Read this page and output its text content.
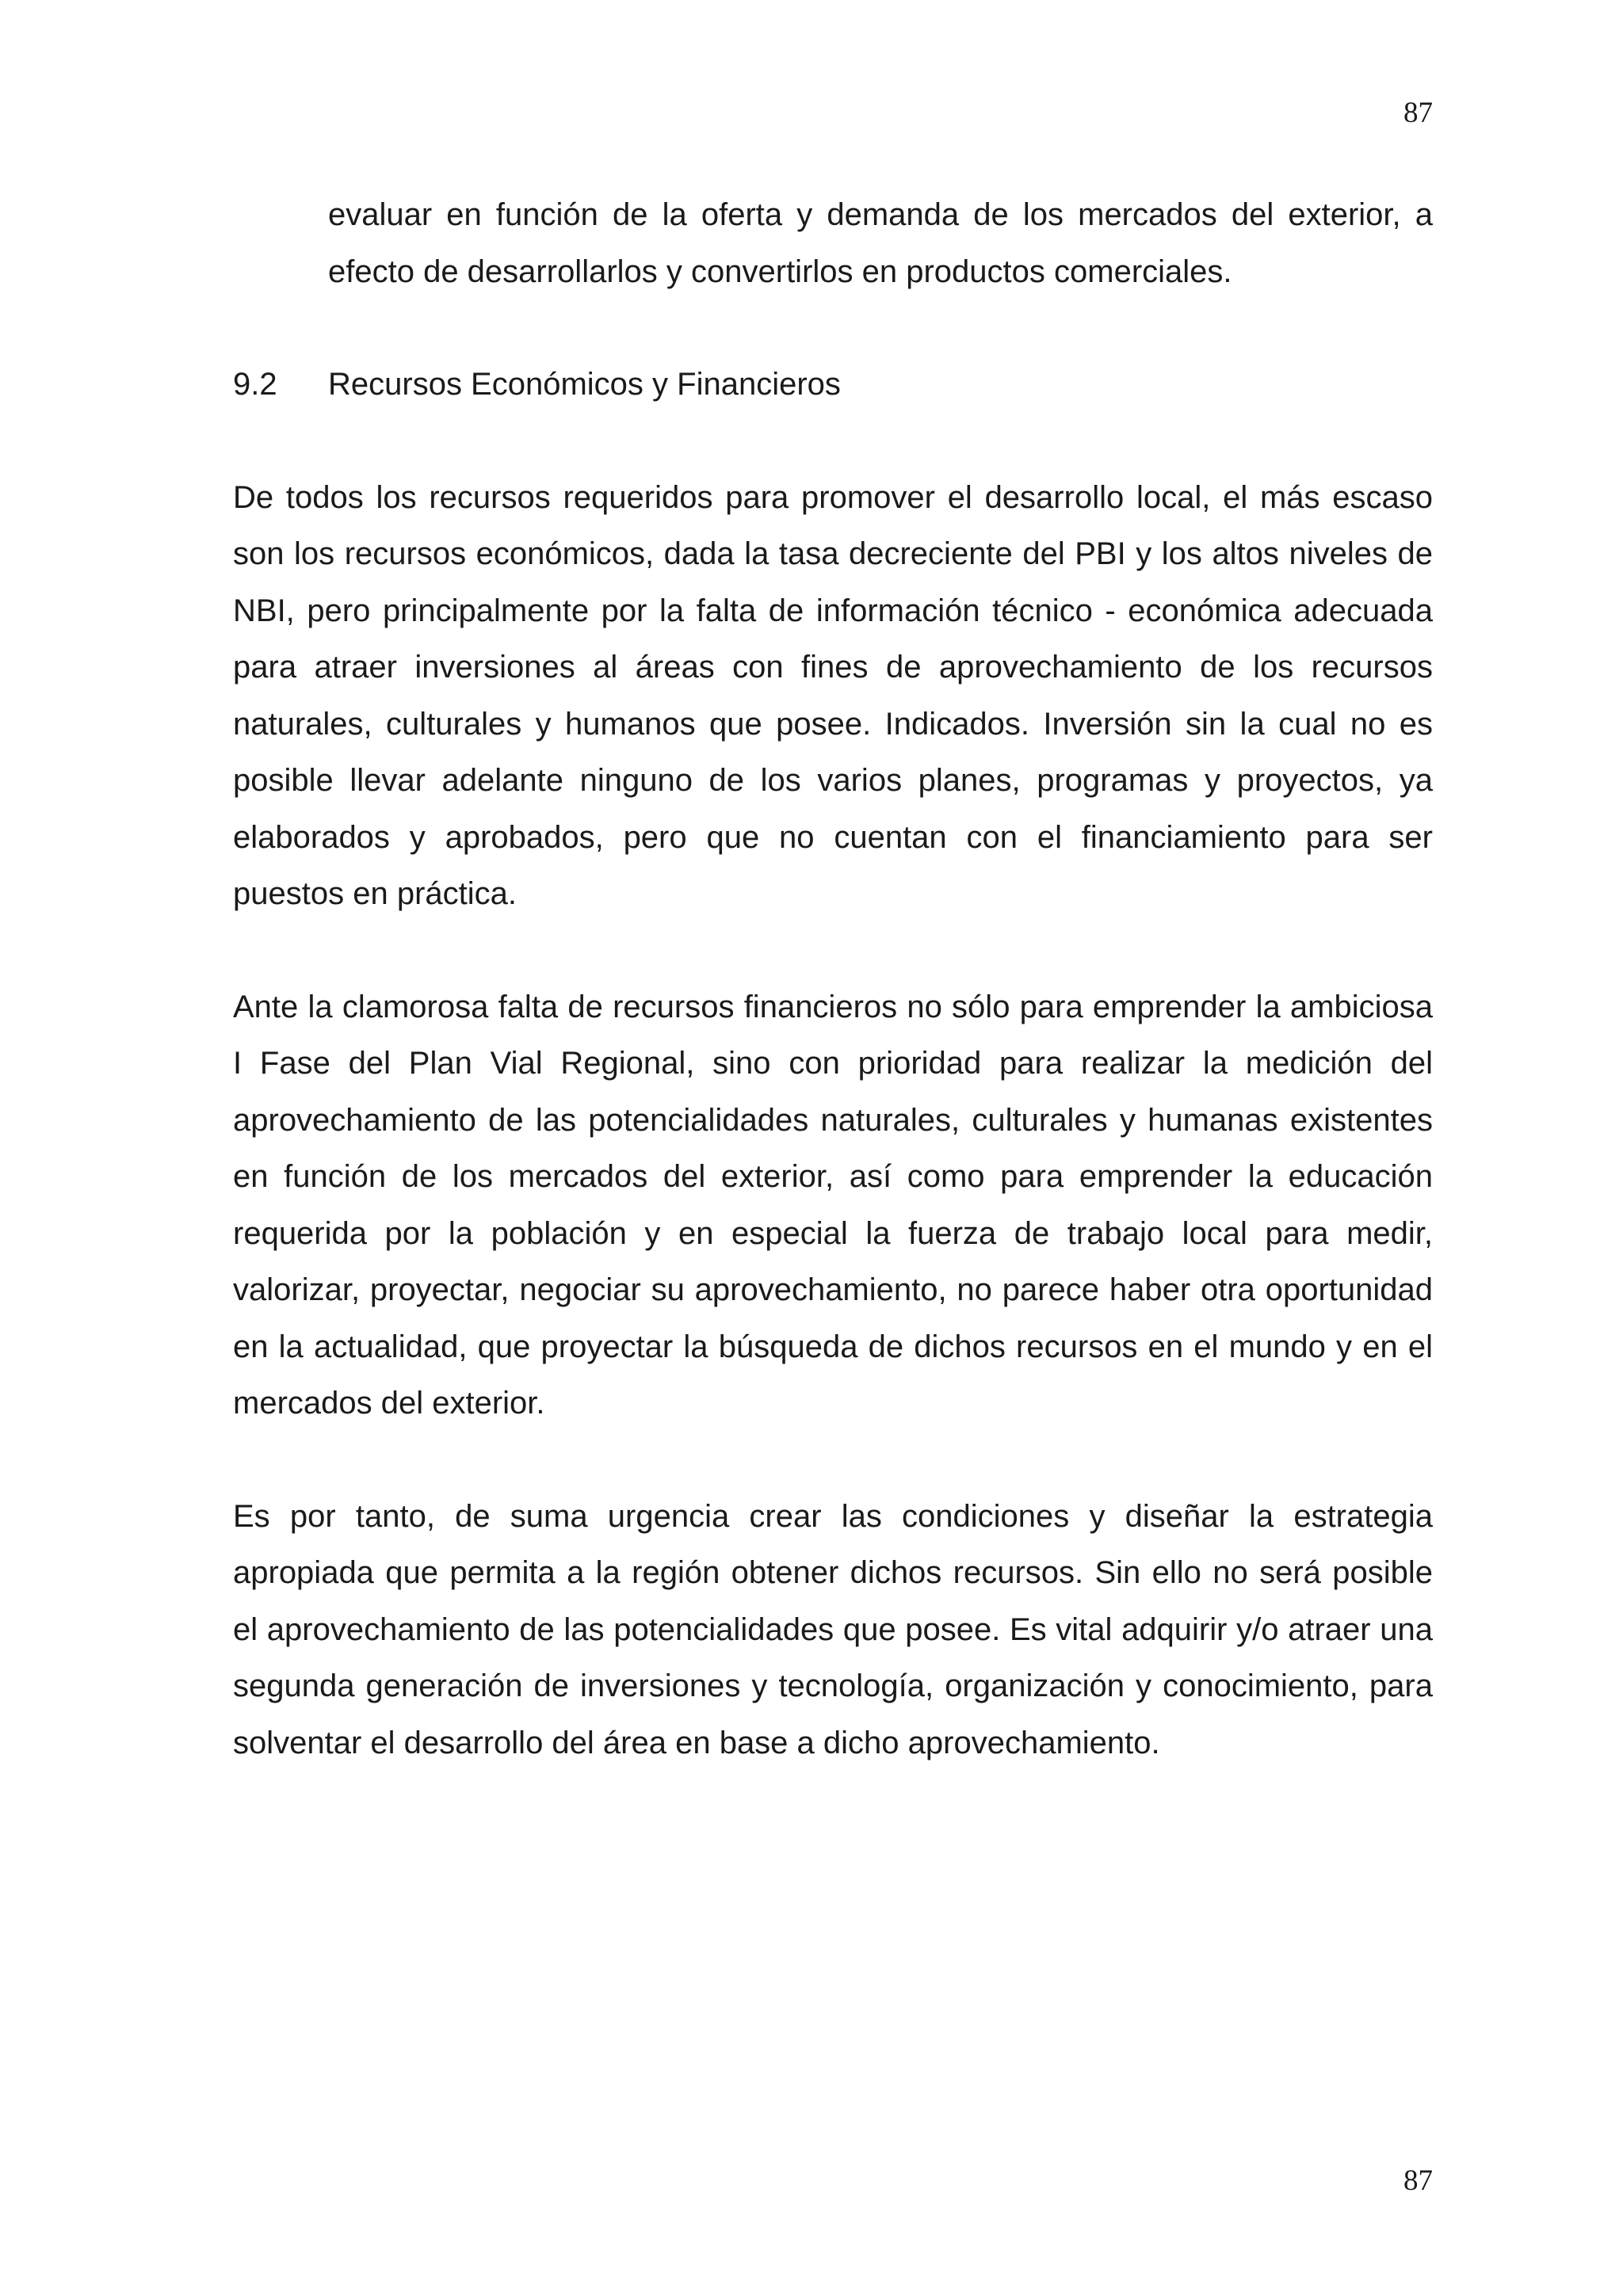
87

evaluar en función de la oferta y demanda de los mercados del exterior, a efecto de desarrollarlos y convertirlos en productos comerciales.

9.2	Recursos Económicos y Financieros

De todos los recursos requeridos para promover el desarrollo local, el más escaso son los recursos económicos, dada la tasa decreciente del PBI y los altos niveles de NBI, pero principalmente por la falta de información técnico - económica adecuada para atraer inversiones al áreas con fines de aprovechamiento de los recursos naturales, culturales y humanos que posee. Indicados. Inversión sin la cual no es posible llevar adelante ninguno de los varios planes, programas y proyectos, ya elaborados y aprobados, pero que no cuentan con el financiamiento para ser puestos en práctica.

Ante la clamorosa falta de recursos financieros no sólo para emprender la ambiciosa I Fase del Plan Vial Regional, sino con prioridad para realizar la medición del aprovechamiento de las potencialidades naturales, culturales y humanas existentes en función de los mercados del exterior, así como para emprender la educación requerida por la población y en especial la fuerza de trabajo local para medir, valorizar, proyectar, negociar su aprovechamiento, no parece haber otra oportunidad en la actualidad, que proyectar la búsqueda de dichos recursos en el mundo y en el mercados del exterior.

Es por tanto, de suma urgencia crear las condiciones y diseñar la estrategia apropiada que permita a la región obtener dichos recursos. Sin ello no será posible el aprovechamiento de las potencialidades que posee. Es vital adquirir y/o atraer una segunda generación de inversiones y tecnología, organización y conocimiento, para solventar el desarrollo del área en base a dicho aprovechamiento.

87
